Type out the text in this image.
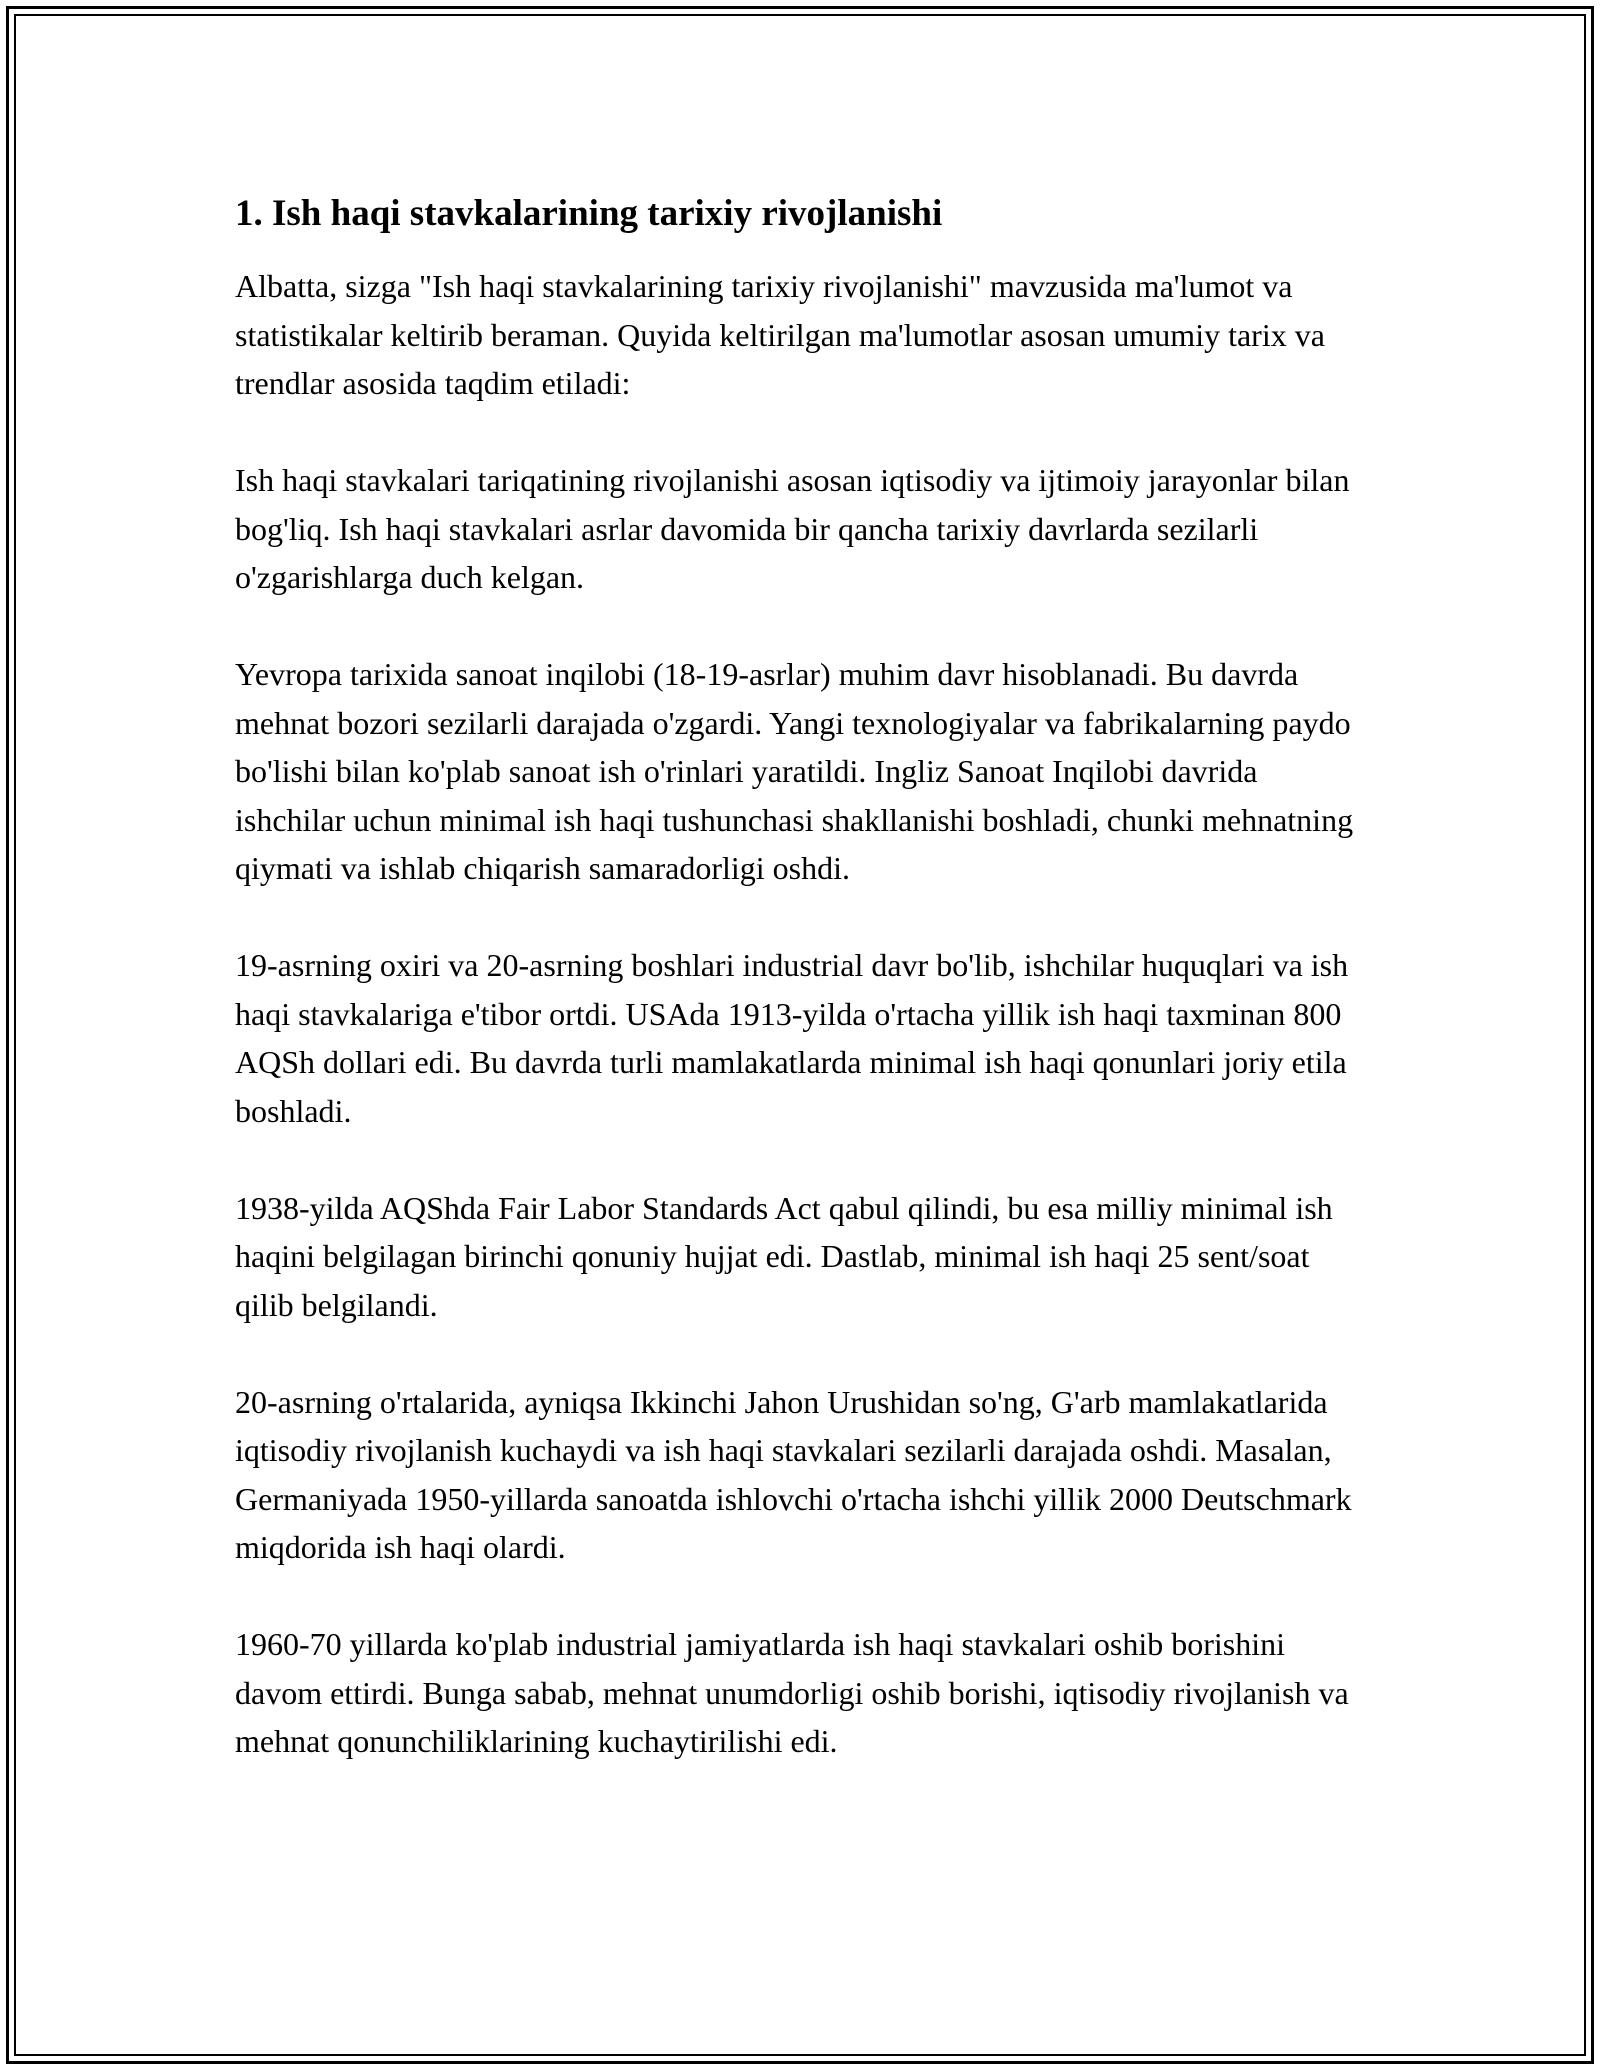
1. Ish haqi stavkalarining tarixiy rivojlanishi

Albatta, sizga "Ish haqi stavkalarining tarixiy rivojlanishi" mavzusida ma'lumot va statistikalar keltirib beraman. Quyida keltirilgan ma'lumotlar asosan umumiy tarix va trendlar asosida taqdim etiladi:

Ish haqi stavkalari tariqatining rivojlanishi asosan iqtisodiy va ijtimoiy jarayonlar bilan bog'liq. Ish haqi stavkalari asrlar davomida bir qancha tarixiy davrlarda sezilarli o'zgarishlarga duch kelgan.

Yevropa tarixida sanoat inqilobi (18-19-asrlar) muhim davr hisoblanadi. Bu davrda mehnat bozori sezilarli darajada o'zgardi. Yangi texnologiyalar va fabrikalarning paydo bo'lishi bilan ko'plab sanoat ish o'rinlari yaratildi. Ingliz Sanoat Inqilobi davrida ishchilar uchun minimal ish haqi tushunchasi shakllanishi boshladi, chunki mehnatning qiymati va ishlab chiqarish samaradorligi oshdi.

19-asrning oxiri va 20-asrning boshlari industrial davr bo'lib, ishchilar huquqlari va ish haqi stavkalariga e'tibor ortdi. USAda 1913-yilda o'rtacha yillik ish haqi taxminan 800 AQSh dollari edi. Bu davrda turli mamlakatlarda minimal ish haqi qonunlari joriy etila boshladi.

1938-yilda AQShda Fair Labor Standards Act qabul qilindi, bu esa milliy minimal ish haqini belgilagan birinchi qonuniy hujjat edi. Dastlab, minimal ish haqi 25 sent/soat qilib belgilandi.

20-asrning o'rtalarida, ayniqsa Ikkinchi Jahon Urushidan so'ng, G'arb mamlakatlarida iqtisodiy rivojlanish kuchaydi va ish haqi stavkalari sezilarli darajada oshdi. Masalan, Germaniyada 1950-yillarda sanoatda ishlovchi o'rtacha ishchi yillik 2000 Deutschmark miqdorida ish haqi olardi.

1960-70 yillarda ko'plab industrial jamiyatlarda ish haqi stavkalari oshib borishini davom ettirdi. Bunga sabab, mehnat unumdorligi oshib borishi, iqtisodiy rivojlanish va mehnat qonunchiliklarining kuchaytirilishi edi.
